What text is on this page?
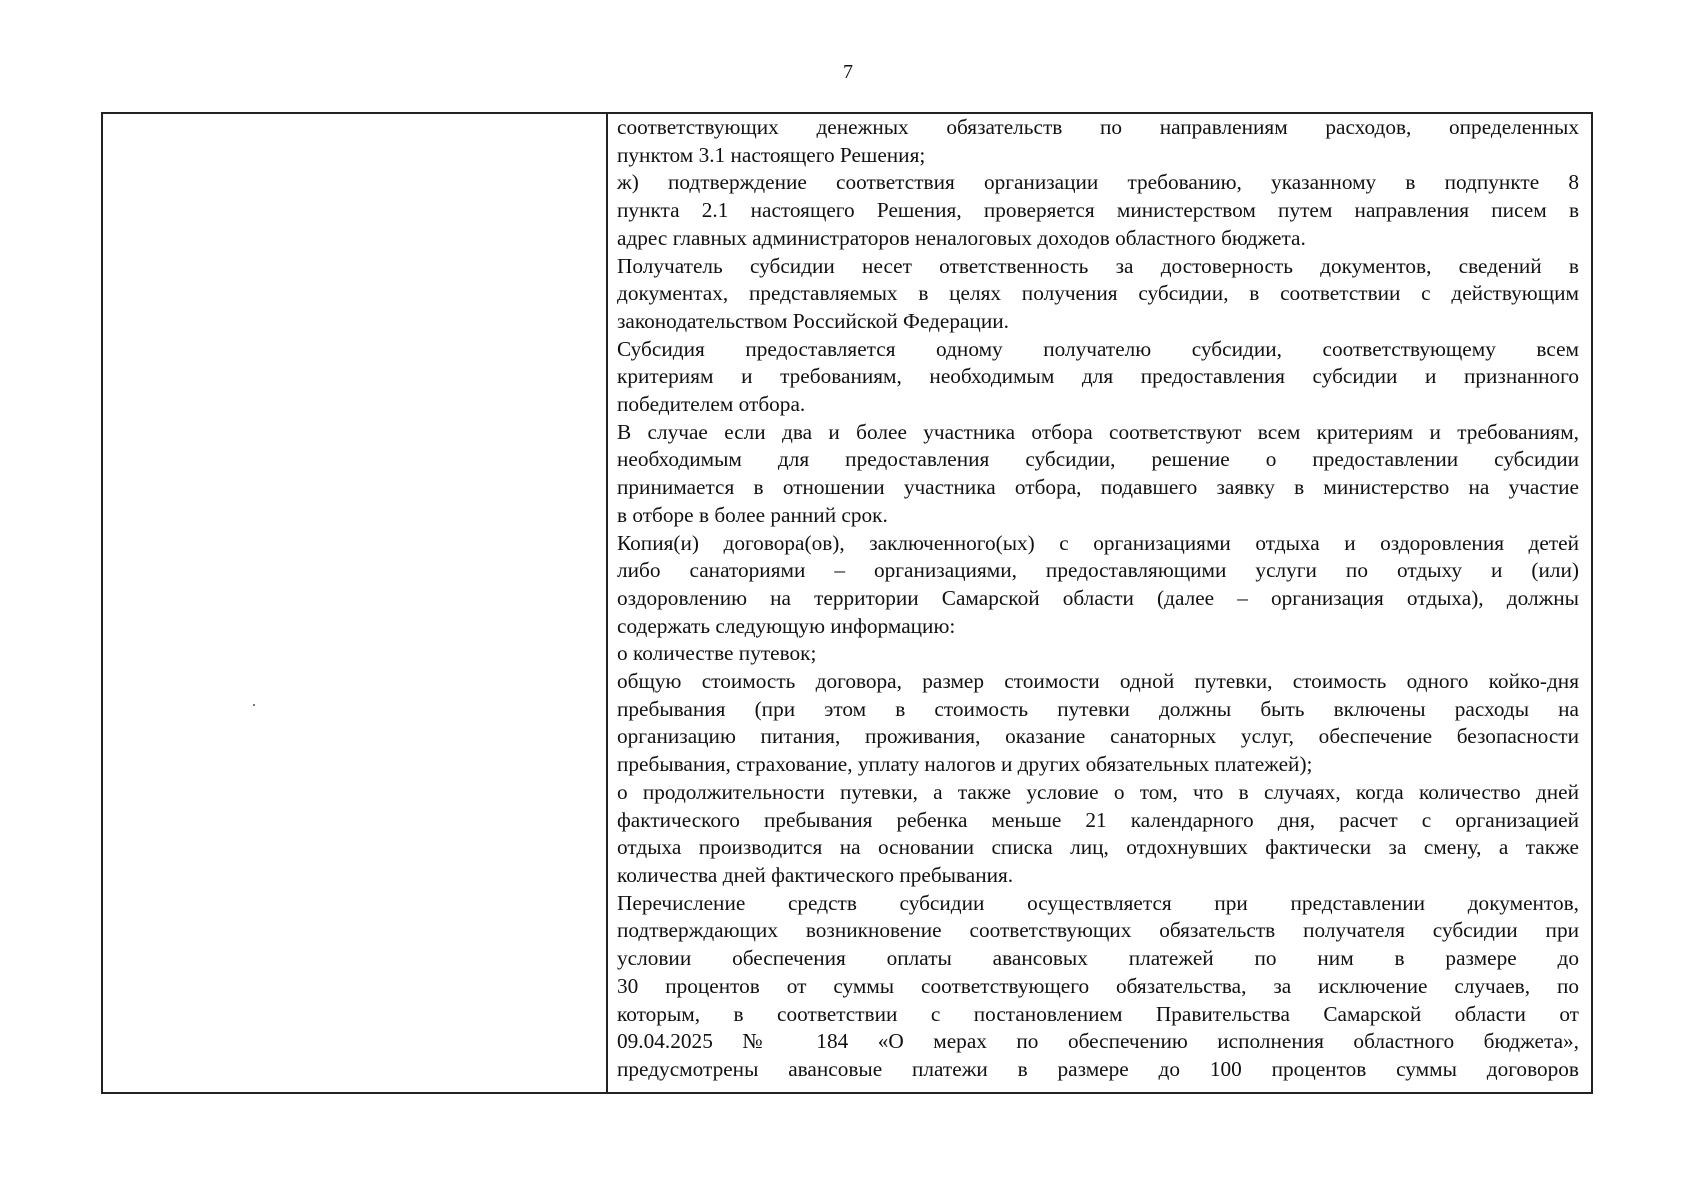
7
соответствующих денежных обязательств по направлениям расходов, определенных
пунктом 3.1 настоящего Решения;
ж) подтверждение соответствия организации требованию, указанному в подпункте 8
пункта 2.1 настоящего Решения, проверяется министерством путем направления писем в
адрес главных администраторов неналоговых доходов областного бюджета.
Получатель субсидии несет ответственность за достоверность документов, сведений в
документах, представляемых в целях получения субсидии, в соответствии с действующим
законодательством Российской Федерации.
Субсидия предоставляется одному получателю субсидии, соответствующему всем
критериям и требованиям, необходимым для предоставления субсидии и признанного
победителем отбора.
В случае если два и более участника отбора соответствуют всем критериям и требованиям,
необходимым для предоставления субсидии, решение о предоставлении субсидии
принимается в отношении участника отбора, подавшего заявку в министерство на участие
в отборе в более ранний срок.
Копия(и) договора(ов), заключенного(ых) с организациями отдыха и оздоровления детей
либо санаториями – организациями, предоставляющими услуги по отдыху и (или)
оздоровлению на территории Самарской области (далее – организация отдыха), должны
содержать следующую информацию:
о количестве путевок;
общую стоимость договора, размер стоимости одной путевки, стоимость одного койко-дня
пребывания (при этом в стоимость путевки должны быть включены расходы на
организацию питания, проживания, оказание санаторных услуг, обеспечение безопасности
пребывания, страхование, уплату налогов и других обязательных платежей);
о продолжительности путевки, а также условие о том, что в случаях, когда количество дней
фактического пребывания ребенка меньше 21 календарного дня, расчет с организацией
отдыха производится на основании списка лиц, отдохнувших фактически за смену, а также
количества дней фактического пребывания.
Перечисление средств субсидии осуществляется при представлении документов,
подтверждающих возникновение соответствующих обязательств получателя субсидии при
условии обеспечения оплаты авансовых платежей по ним в размере до
30 процентов от суммы соответствующего обязательства, за исключение случаев, по
которым, в соответствии с постановлением Правительства Самарской области от
09.04.2025 № 184 «О мерах по обеспечению исполнения областного бюджета»,
предусмотрены авансовые платежи в размере до 100 процентов суммы договоров
